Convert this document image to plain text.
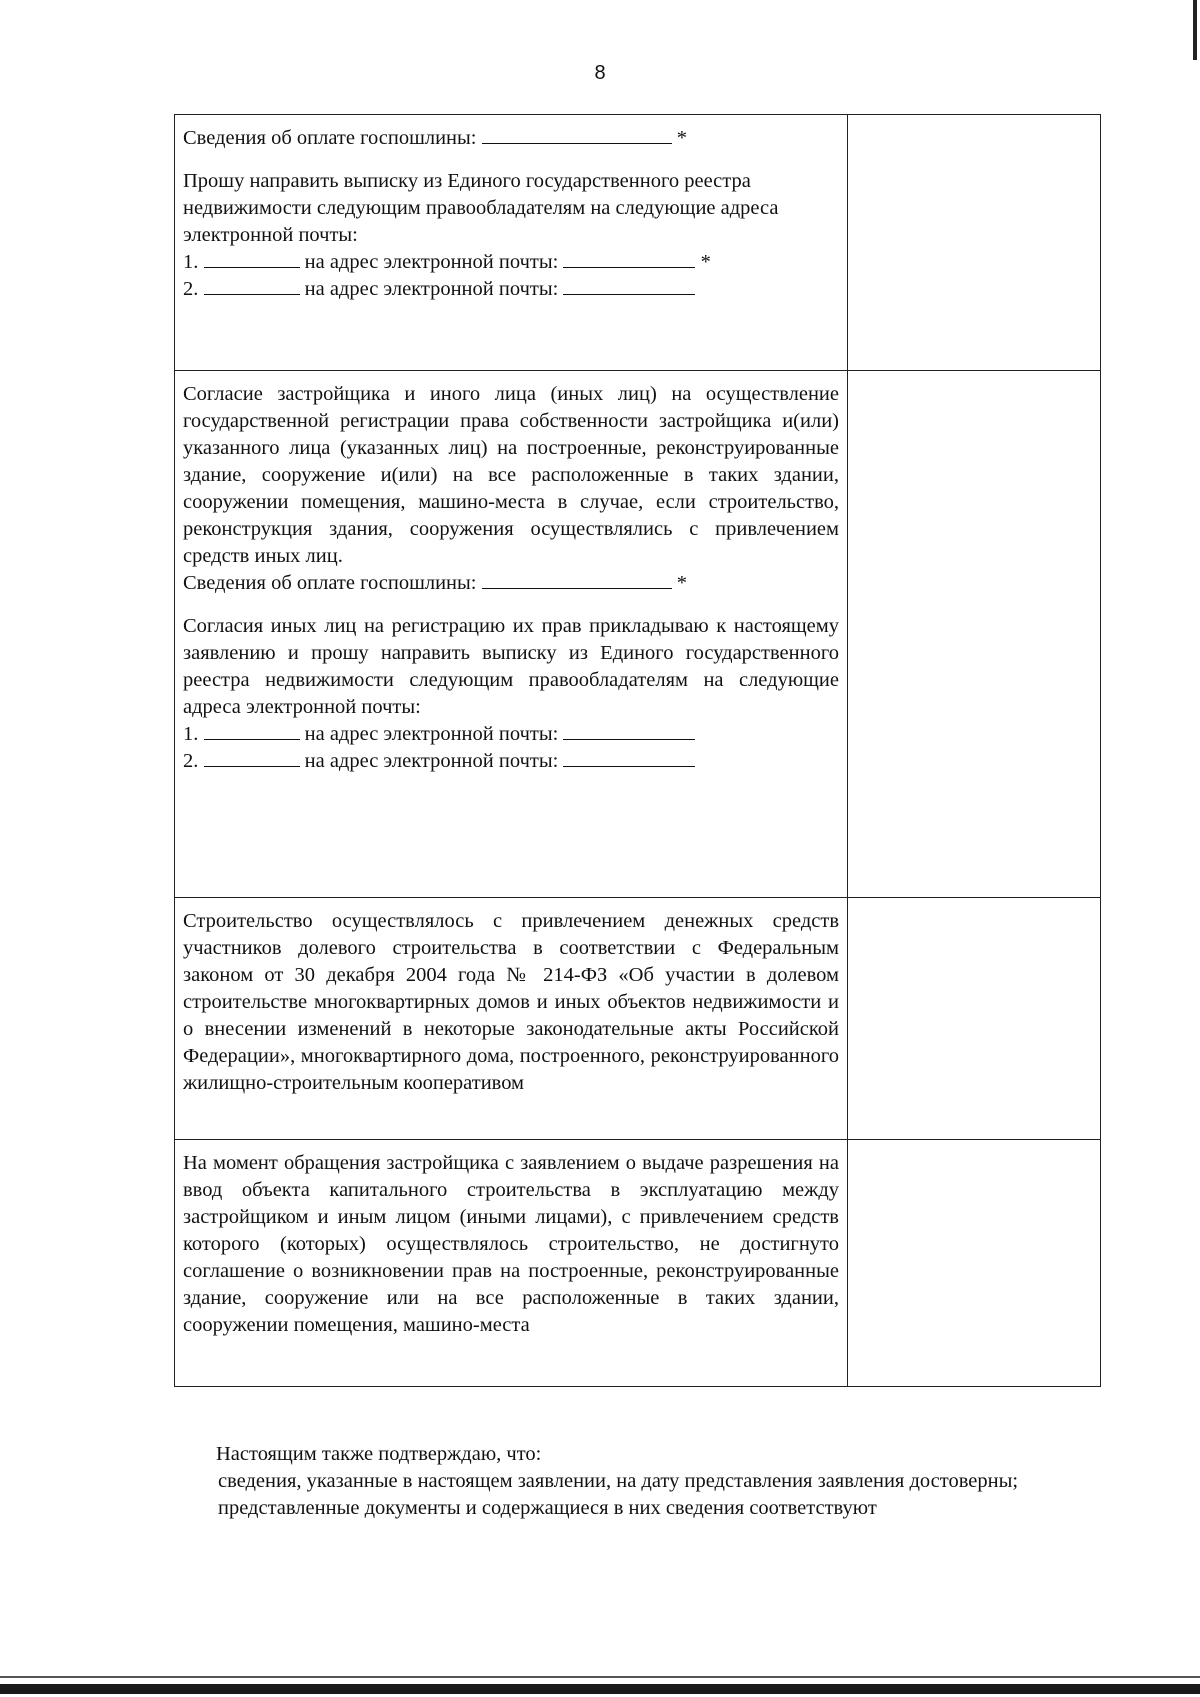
8

Сведения об оплате госпошлины: *

Прошу направить выписку из Единого государственного реестра недвижимости следующим правообладателям на следующие адреса электронной почты:

1. на адрес электронной почты: *

2. на адрес электронной почты:	

Согласие застройщика и иного лица (иных лиц) на осуществление государственной регистрации права собственности застройщика и(или) указанного лица (указанных лиц) на построенные, реконструированные здание, сооружение и(или) на все расположенные в таких здании, сооружении помещения, машино-места в случае, если строительство, реконструкция здания, сооружения осуществлялись с привлечением средств иных лиц.

Сведения об оплате госпошлины: *

Согласия иных лиц на регистрацию их прав прикладываю к настоящему заявлению и прошу направить выписку из Единого государственного реестра недвижимости следующим правообладателям на следующие адреса электронной почты:

1. на адрес электронной почты:

2. на адрес электронной почты:	

Строительство осуществлялось с привлечением денежных средств участников долевого строительства в соответствии с Федеральным законом от 30 декабря 2004 года № 214-ФЗ «Об участии в долевом строительстве многоквартирных домов и иных объектов недвижимости и о внесении изменений в некоторые законодательные акты Российской Федерации», многоквартирного дома, построенного, реконструированного жилищно-строительным кооперативом	

На момент обращения застройщика с заявлением о выдаче разрешения на ввод объекта капитального строительства в эксплуатацию между застройщиком и иным лицом (иными лицами), с привлечением средств которого (которых) осуществлялось строительство, не достигнуто соглашение о возникновении прав на построенные, реконструированные здание, сооружение или на все расположенные в таких здании, сооружении помещения, машино-места	

Настоящим также подтверждаю, что:

сведения, указанные в настоящем заявлении, на дату представления заявления достоверны;

представленные документы и содержащиеся в них сведения соответствуют
